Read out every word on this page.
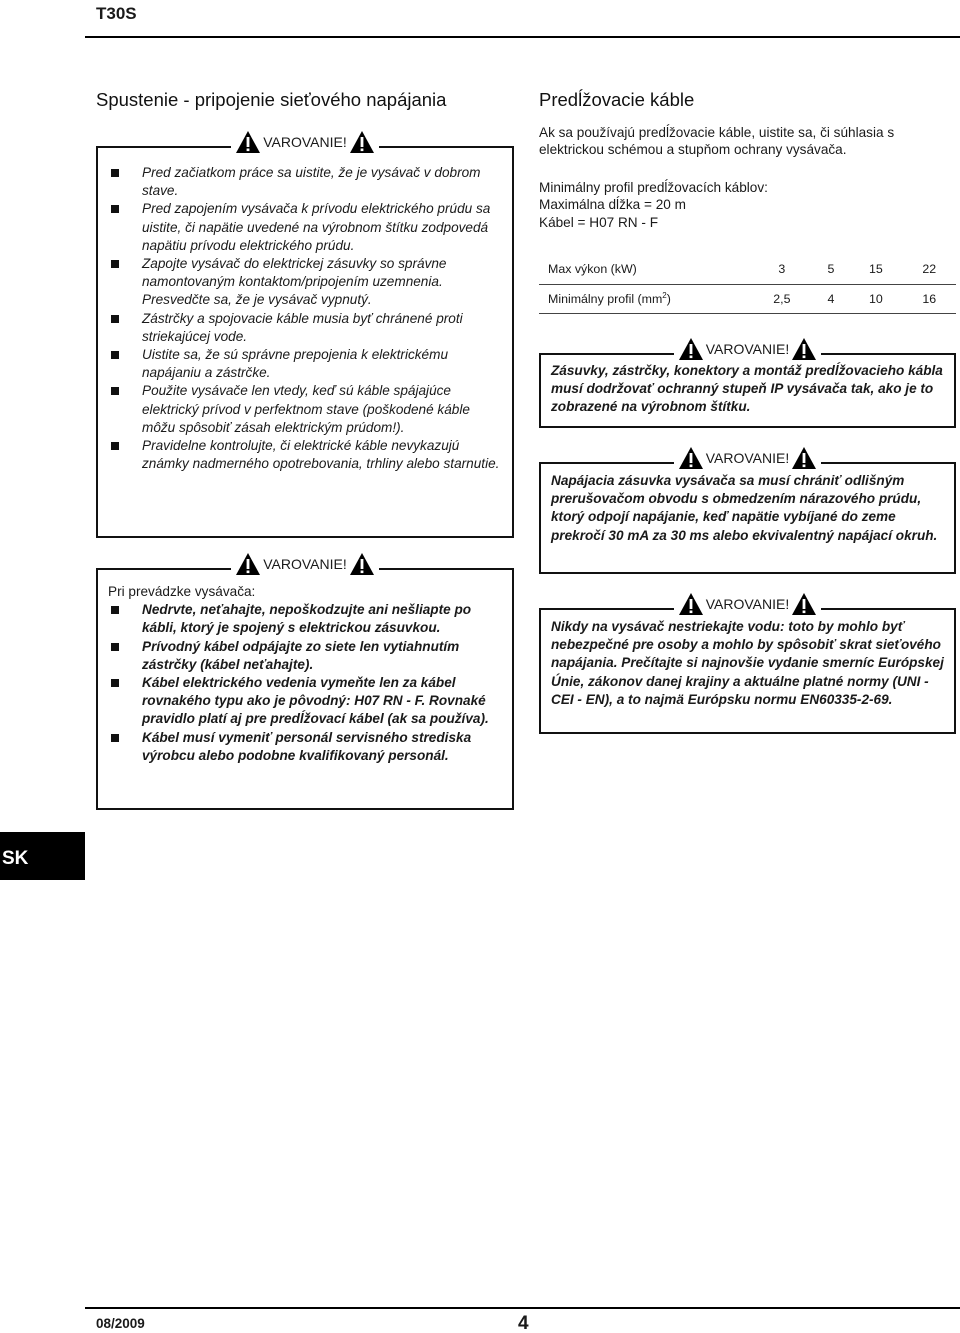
T30S
Spustenie - pripojenie sieťového napájania
VAROVANIE!
Pred začiatkom práce sa uistite, že je vysávač v dobrom stave.
Pred zapojením vysávača k prívodu elektrického prúdu sa uistite, či napätie uvedené na výrobnom štítku zodpovedá napätiu prívodu elektrického prúdu.
Zapojte vysávač do elektrickej zásuvky so správne namontovaným kontaktom/pripojením uzemnenia. Presvedčte sa, že je vysávač vypnutý.
Zástrčky a spojovacie káble musia byť chránené proti striekajúcej vode.
Uistite sa, že sú správne prepojenia k elektrickému napájaniu a zástrčke.
Použite vysávače len vtedy, keď sú káble spájajúce elektrický prívod v perfektnom stave (poškodené káble môžu spôsobiť zásah elektrickým prúdom!).
Pravidelne kontrolujte, či elektrické káble nevykazujú známky nadmerného opotrebovania, trhliny alebo starnutie.
VAROVANIE!
Pri prevádzke vysávača:
Nedrvte, neťahajte, nepoškodzujte ani nešliapte po kábli, ktorý je spojený s elektrickou zásuvkou.
Prívodný kábel odpájajte zo siete len vytiahnutím zástrčky (kábel neťahajte).
Kábel elektrického vedenia vymeňte len za kábel rovnakého typu ako je pôvodný: H07 RN - F. Rovnaké pravidlo platí aj pre predĺžovací kábel (ak sa používa).
Kábel musí vymeniť personál servisného strediska výrobcu alebo podobne kvalifikovaný personál.
Predĺžovacie káble

Ak sa používajú predĺžovacie káble, uistite sa, či súhlasia s elektrickou schémou a stupňom ochrany vysávača.

Minimálny profil predĺžovacích káblov:
Maximálna dĺžka = 20 m
Kábel = H07 RN - F
Max výkon (kW)	3	5	15	22
Minimálny profil $(mm^2)$	2,5	4	10	16
VAROVANIE!
Zásuvky, zástrčky, konektory a montáž predĺžovacieho kábla musí dodržovať ochranný stupeň IP vysávača tak, ako je to zobrazené na výrobnom štítku.
VAROVANIE!
Napájacia zásuvka vysávača sa musí chrániť odlišným prerušovačom obvodu s obmedzením nárazového prúdu, ktorý odpojí napájanie, keď napätie vybíjané do zeme prekročí 30 mA za 30 ms alebo ekvivalentný napájací okruh.
VAROVANIE!
Nikdy na vysávač nestriekajte vodu: toto by mohlo byť nebezpečné pre osoby a mohlo by spôsobiť skrat sieťového napájania. Prečítajte si najnovšie vydanie smerníc Európskej Únie, zákonov danej krajiny a aktuálne platné normy (UNI - CEI - EN), a to najmä Európsku normu EN60335-2-69.
SK
08/2009	4
